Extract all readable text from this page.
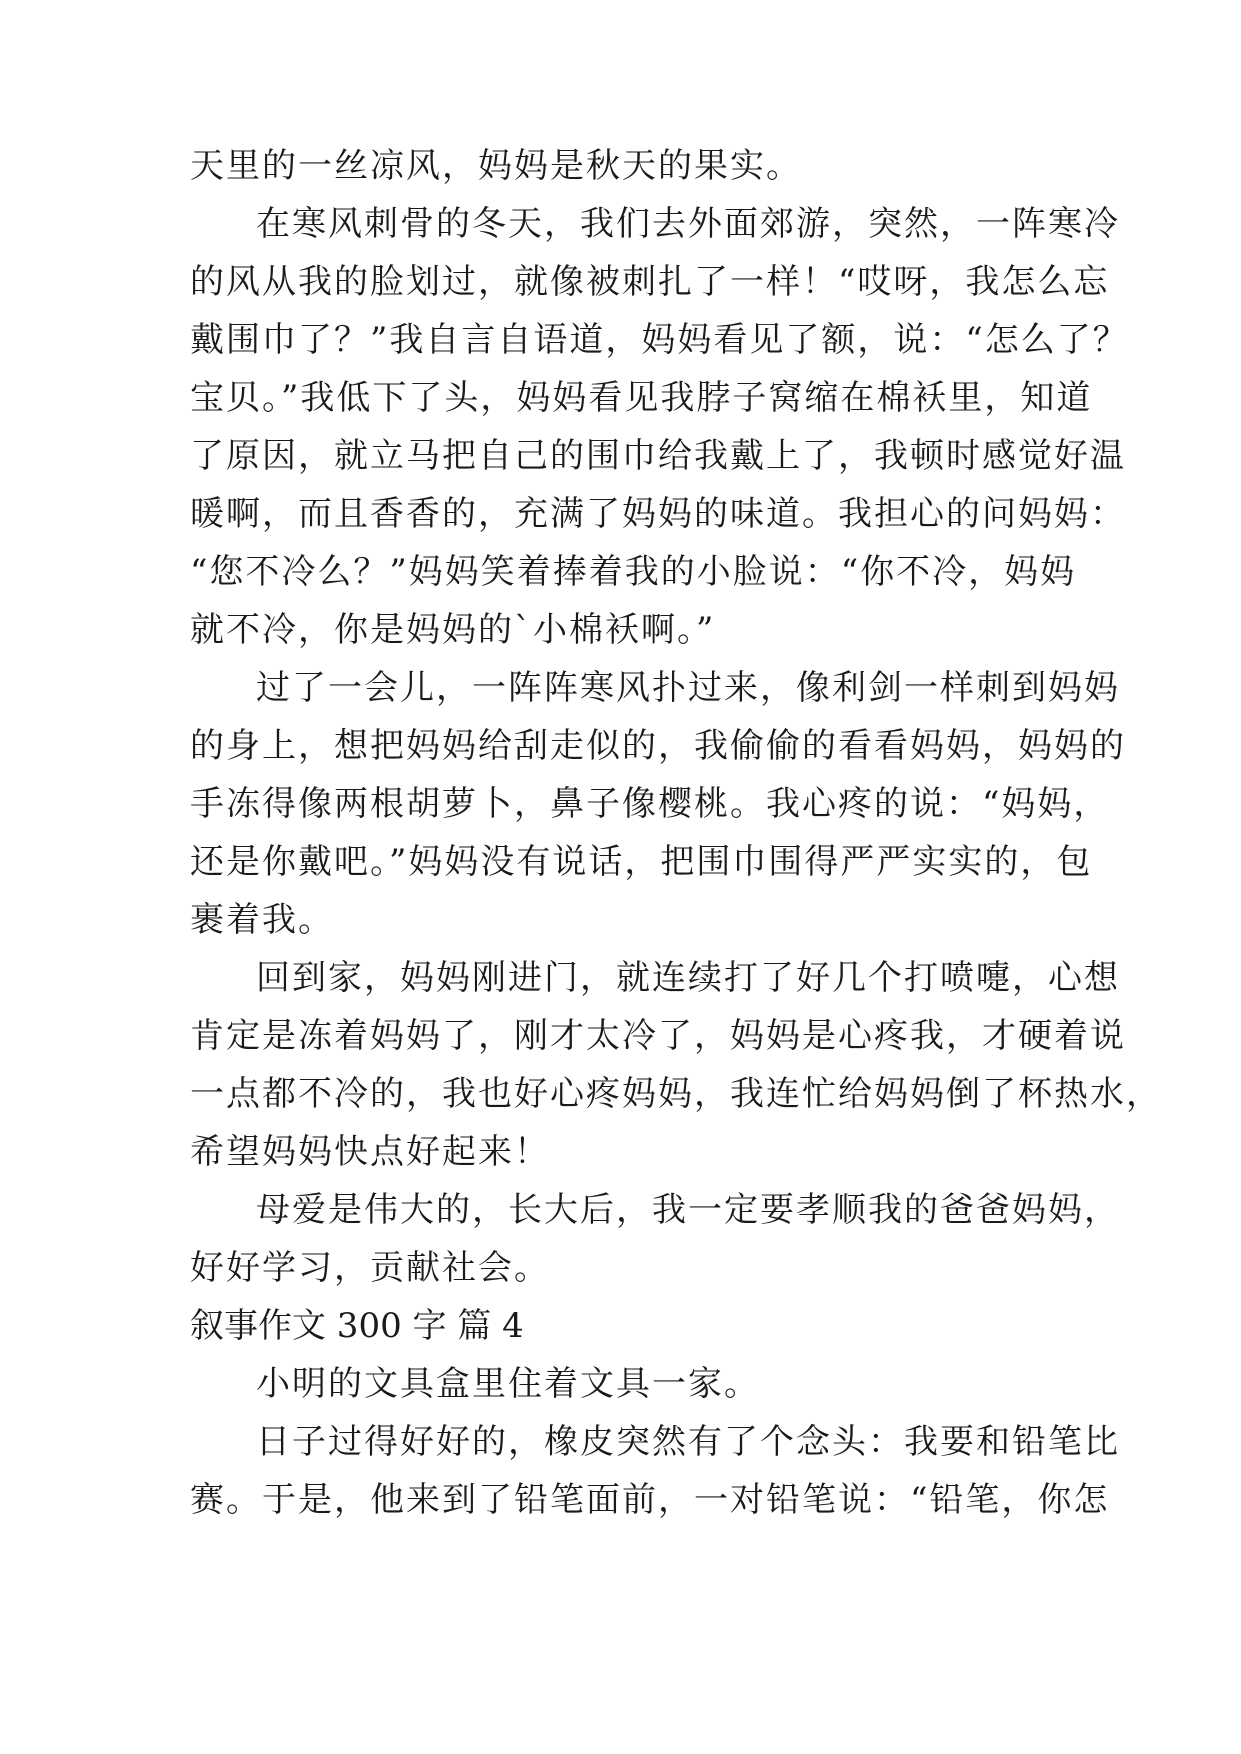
天里的一丝凉风，妈妈是秋天的果实。
在寒风刺骨的冬天，我们去外面郊游，突然，一阵寒冷
的风从我的脸划过，就像被刺扎了一样！“哎呀，我怎么忘
戴围巾了？”我自言自语道，妈妈看见了额，说：“怎么了？
宝贝。”我低下了头，妈妈看见我脖子窝缩在棉袄里，知道
了原因，就立马把自己的围巾给我戴上了，我顿时感觉好温
暖啊，而且香香的，充满了妈妈的味道。我担心的问妈妈：
“您不冷么？”妈妈笑着捧着我的小脸说：“你不冷，妈妈
就不冷，你是妈妈的`小棉袄啊。”
过了一会儿，一阵阵寒风扑过来，像利剑一样刺到妈妈
的身上，想把妈妈给刮走似的，我偷偷的看看妈妈，妈妈的
手冻得像两根胡萝卜，鼻子像樱桃。我心疼的说：“妈妈，
还是你戴吧。”妈妈没有说话，把围巾围得严严实实的，包
裹着我。
回到家，妈妈刚进门，就连续打了好几个打喷嚏，心想
肯定是冻着妈妈了，刚才太冷了，妈妈是心疼我，才硬着说
一点都不冷的，我也好心疼妈妈，我连忙给妈妈倒了杯热水，
希望妈妈快点好起来！
母爱是伟大的，长大后，我一定要孝顺我的爸爸妈妈，
好好学习，贡献社会。
叙事作文 300 字 篇 4
小明的文具盒里住着文具一家。
日子过得好好的，橡皮突然有了个念头：我要和铅笔比
赛。于是，他来到了铅笔面前，一对铅笔说：“铅笔，你怎
